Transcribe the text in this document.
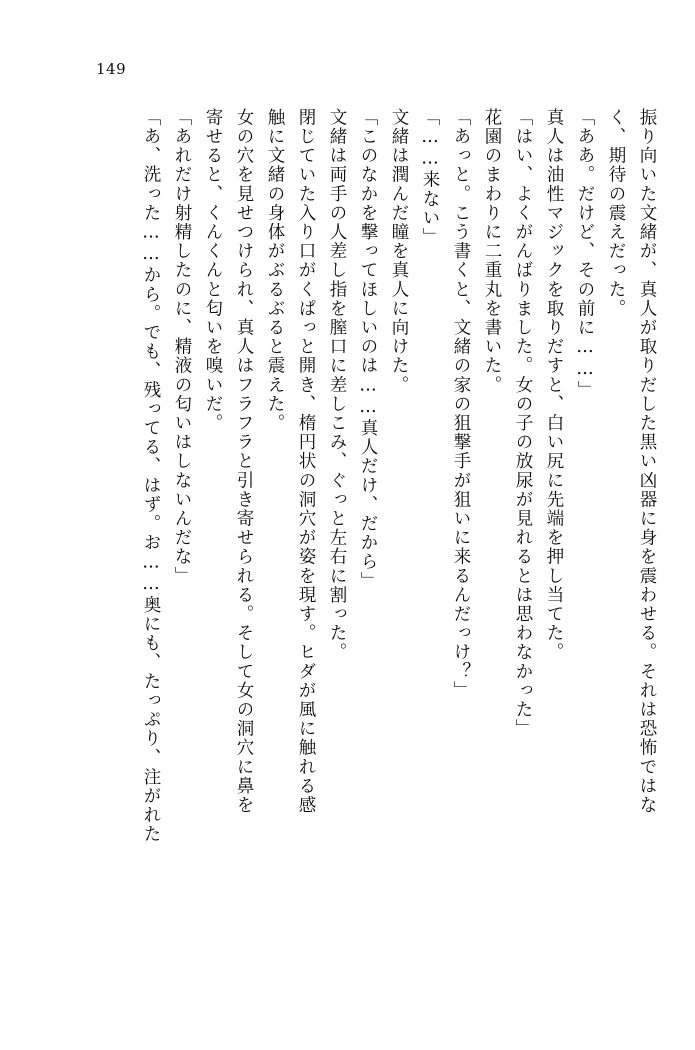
149
振り向いた文緒が、真人が取りだした黒い凶器に身を震わせる。それは恐怖ではな
く、期待の震えだった。
「ああ。だけど、その前に……」
真人は油性マジックを取りだすと、白い尻に先端を押し当てた。
「はい、よくがんばりました。女の子の放尿が見れるとは思わなかった」
花園のまわりに二重丸を書いた。
「あっと。こう書くと、文緒の家の狙撃手が狙いに来るんだっけ？」
「……来ない」
文緒は潤んだ瞳を真人に向けた。
「このなかを撃ってほしいのは……真人だけ、だから」
文緒は両手の人差し指を膣口に差しこみ、ぐっと左右に割った。
閉じていた入り口がくぱっと開き、楕円状の洞穴が姿を現す。ヒダが風に触れる感
触に文緒の身体がぶるぶると震えた。
女の穴を見せつけられ、真人はフラフラと引き寄せられる。そして女の洞穴に鼻を
寄せると、くんくんと匂いを嗅いだ。
「あれだけ射精したのに、精液の匂いはしないんだな」
「あ、洗った……から。でも、残ってる、はず。お……奥にも、たっぷり、注がれた
